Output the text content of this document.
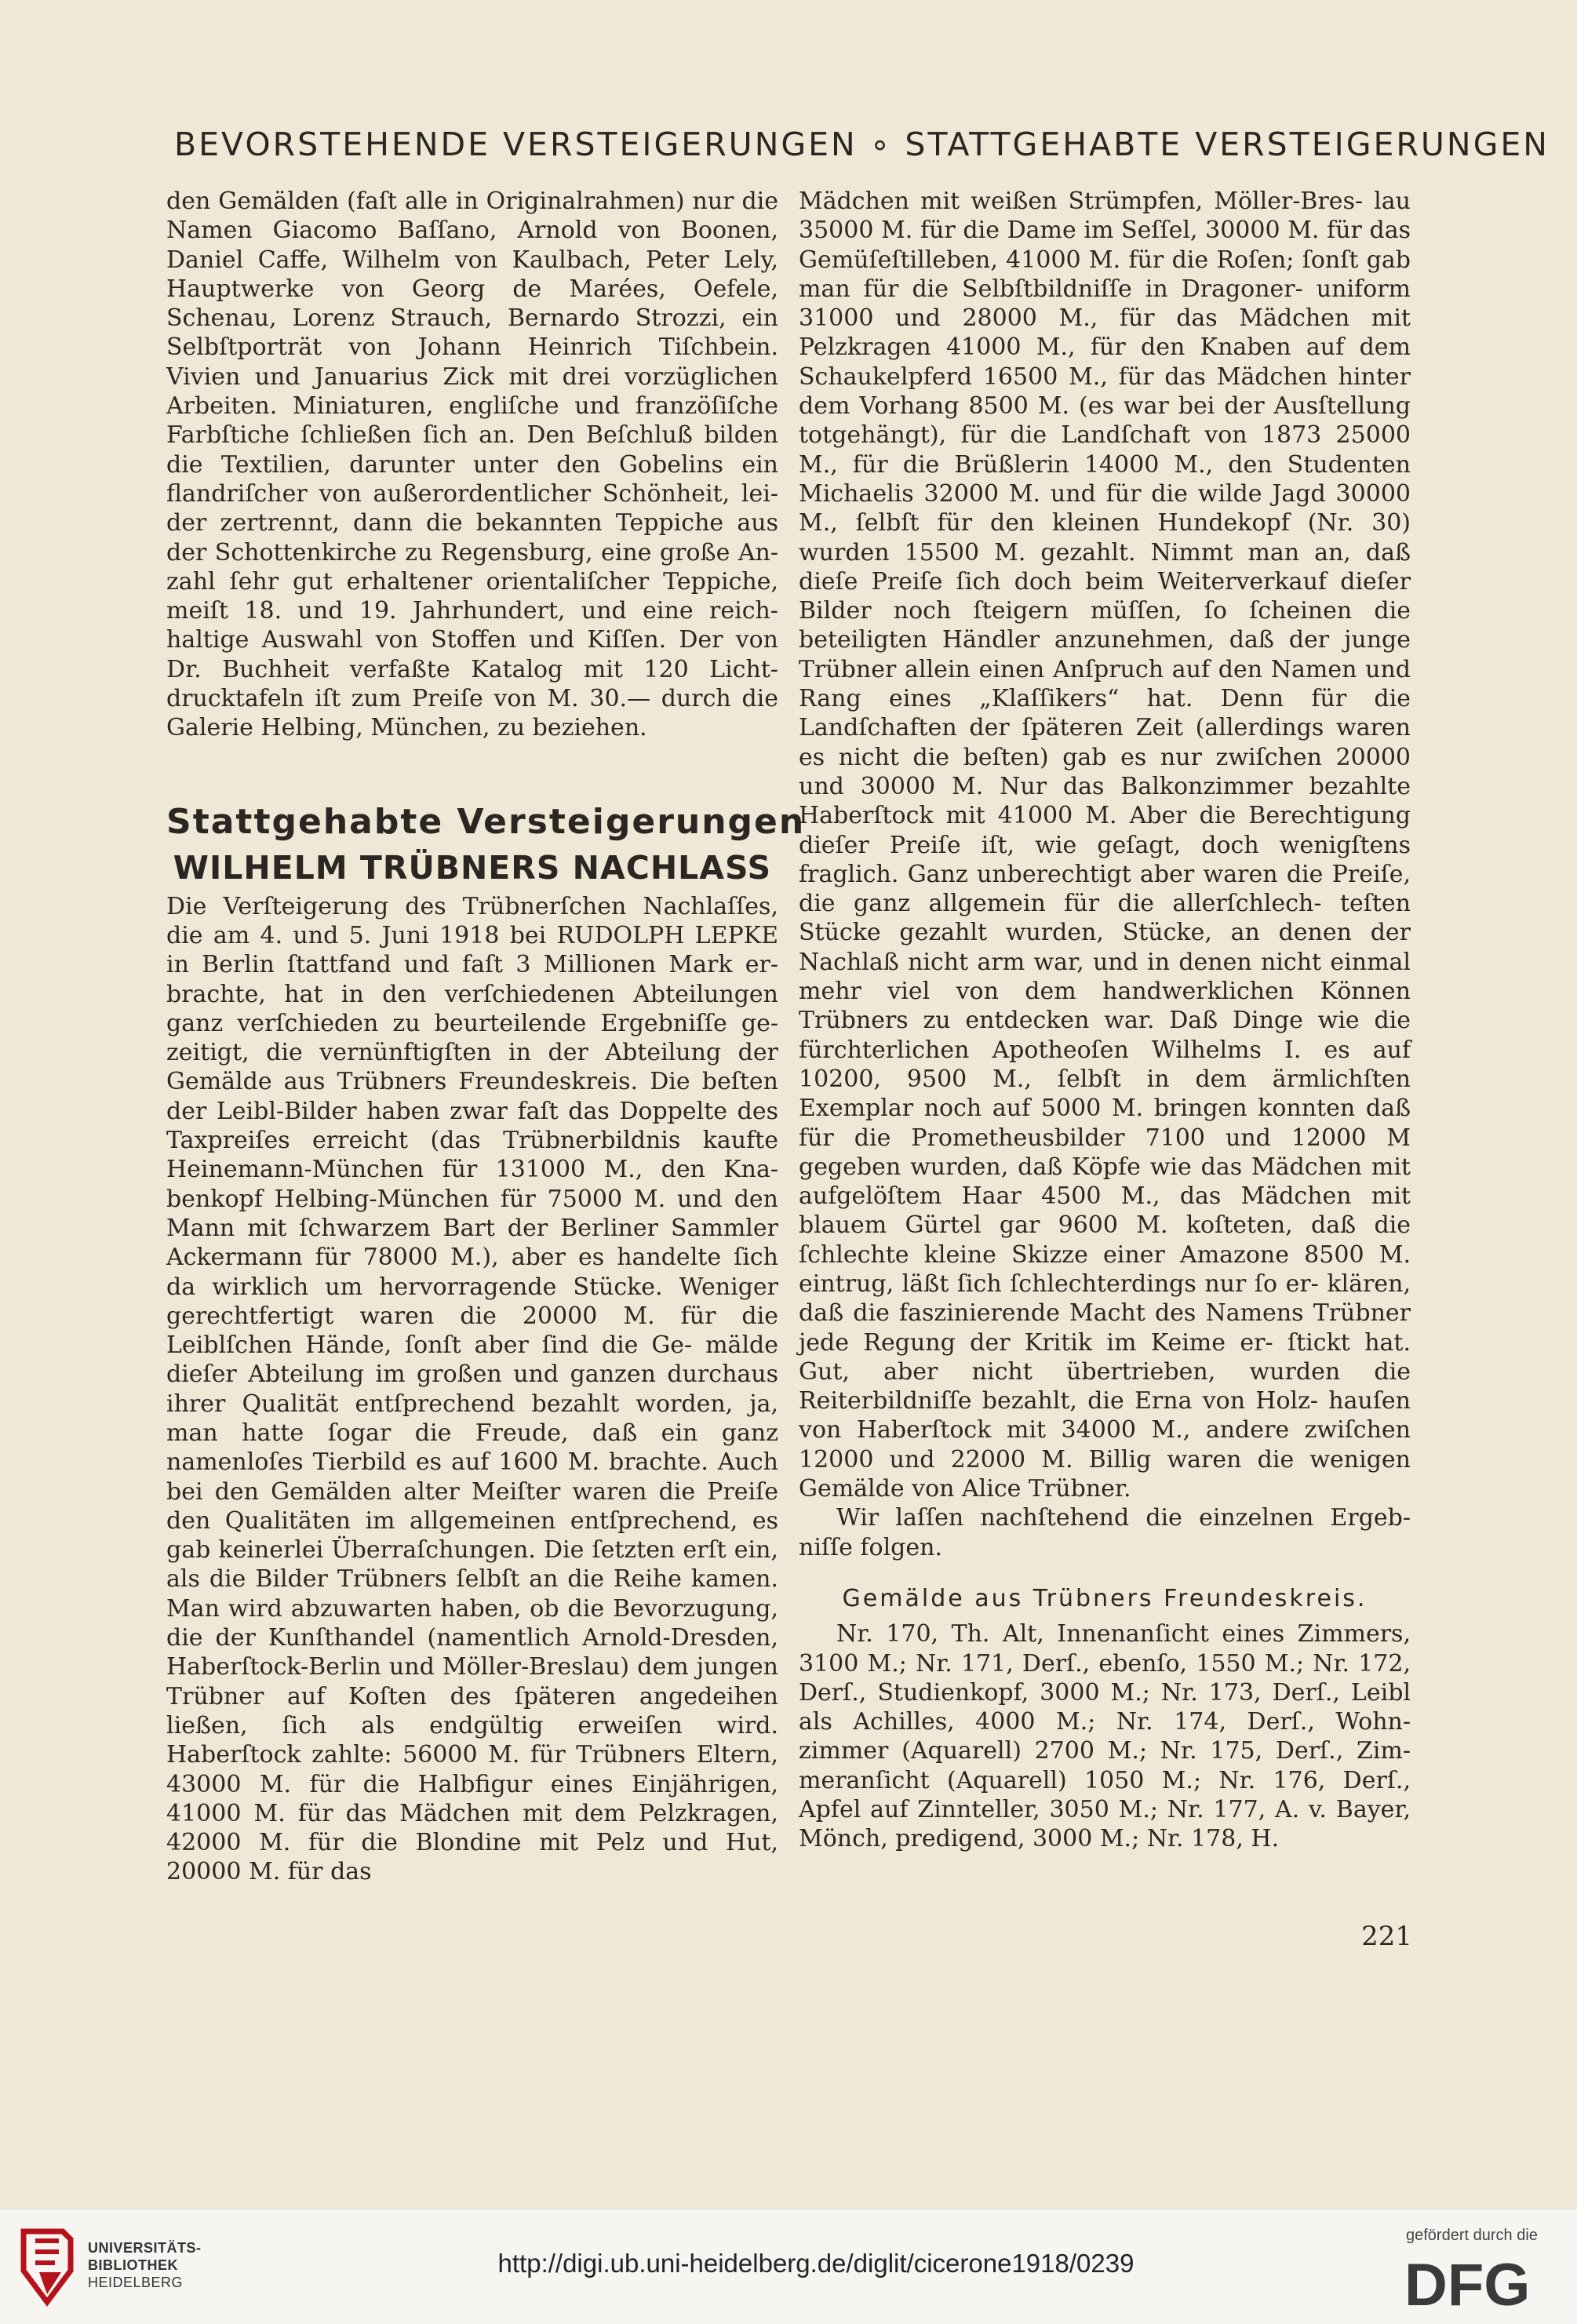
BEVORSTEHENDE VERSTEIGERUNGEN ∘ STATTGEHABTE VERSTEIGERUNGEN

den Gemälden (faſt alle in Originalrahmen) nur die Namen Giacomo Baſſano, Arnold von Boonen, Daniel Caffe, Wilhelm von Kaulbach, Peter Lely, Hauptwerke von Georg de Marées, Oefele, Schenau, Lorenz Strauch, Bernardo Strozzi, ein Selbſtporträt von Johann Heinrich Tiſchbein. Vivien und Januarius Zick mit drei vorzüglichen Arbeiten. Miniaturen, engliſche und franzöſiſche Farbſtiche ſchließen ſich an. Den Beſchluß bilden die Textilien, darunter unter den Gobelins ein flandriſcher von außerordentlicher Schönheit, lei- der zertrennt, dann die bekannten Teppiche aus der Schottenkirche zu Regensburg, eine große An- zahl ſehr gut erhaltener orientaliſcher Teppiche, meiſt 18. und 19. Jahrhundert, und eine reich- haltige Auswahl von Stoffen und Kiſſen. Der von Dr. Buchheit verfaßte Katalog mit 120 Licht- drucktafeln iſt zum Preiſe von M. 30.— durch die Galerie Helbing, München, zu beziehen.

Stattgehabte Versteigerungen
WILHELM TRÜBNERS NACHLASS

Die Verſteigerung des Trübnerſchen Nachlaſſes, die am 4. und 5. Juni 1918 bei RUDOLPH LEPKE in Berlin ſtattfand und faſt 3 Millionen Mark er- brachte, hat in den verſchiedenen Abteilungen ganz verſchieden zu beurteilende Ergebniſſe ge- zeitigt, die vernünftigſten in der Abteilung der Gemälde aus Trübners Freundeskreis. Die beſten der Leibl-Bilder haben zwar faſt das Doppelte des Taxpreiſes erreicht (das Trübnerbildnis kaufte Heinemann-München für 131000 M., den Kna- benkopf Helbing-München für 75000 M. und den Mann mit ſchwarzem Bart der Berliner Sammler Ackermann für 78000 M.), aber es handelte ſich da wirklich um hervorragende Stücke. Weniger gerechtfertigt waren die 20000 M. für die Leiblſchen Hände, ſonſt aber ſind die Ge- mälde dieſer Abteilung im großen und ganzen durchaus ihrer Qualität entſprechend bezahlt worden, ja, man hatte ſogar die Freude, daß ein ganz namenloſes Tierbild es auf 1600 M. brachte. Auch bei den Gemälden alter Meiſter waren die Preiſe den Qualitäten im allgemeinen entſprechend, es gab keinerlei Überraſchungen. Die ſetzten erſt ein, als die Bilder Trübners ſelbſt an die Reihe kamen. Man wird abzuwarten haben, ob die Bevorzugung, die der Kunſthandel (namentlich Arnold-Dresden, Haberſtock-Berlin und Möller-Breslau) dem jungen Trübner auf Koſten des ſpäteren angedeihen ließen, ſich als endgültig erweiſen wird. Haberſtock zahlte: 56000 M. für Trübners Eltern, 43000 M. für die Halbfigur eines Einjährigen, 41000 M. für das Mädchen mit dem Pelzkragen, 42000 M. für die Blondine mit Pelz und Hut, 20000 M. für das

Mädchen mit weißen Strümpfen, Möller-Bres- lau 35000 M. für die Dame im Seſſel, 30000 M. für das Gemüſeſtilleben, 41000 M. für die Roſen; ſonſt gab man für die Selbſtbildniſſe in Dragoner- uniform 31000 und 28000 M., für das Mädchen mit Pelzkragen 41000 M., für den Knaben auf dem Schaukelpferd 16500 M., für das Mädchen hinter dem Vorhang 8500 M. (es war bei der Ausſtellung totgehängt), für die Landſchaft von 1873 25000 M., für die Brüßlerin 14000 M., den Studenten Michaelis 32000 M. und für die wilde Jagd 30000 M., ſelbſt für den kleinen Hundekopf (Nr. 30) wurden 15500 M. gezahlt. Nimmt man an, daß dieſe Preiſe ſich doch beim Weiterverkauf dieſer Bilder noch ſteigern müſſen, ſo ſcheinen die beteiligten Händler anzunehmen, daß der junge Trübner allein einen Anſpruch auf den Namen und Rang eines „Klaſſikers“ hat. Denn für die Landſchaften der ſpäteren Zeit (allerdings waren es nicht die beſten) gab es nur zwiſchen 20000 und 30000 M. Nur das Balkonzimmer bezahlte Haberſtock mit 41000 M. Aber die Berechtigung dieſer Preiſe iſt, wie geſagt, doch wenigſtens fraglich. Ganz unberechtigt aber waren die Preiſe, die ganz allgemein für die allerſchlech- teſten Stücke gezahlt wurden, Stücke, an denen der Nachlaß nicht arm war, und in denen nicht einmal mehr viel von dem handwerklichen Können Trübners zu entdecken war. Daß Dinge wie die fürchterlichen Apotheoſen Wilhelms I. es auf 10200, 9500 M., ſelbſt in dem ärmlichſten Exemplar noch auf 5000 M. bringen konnten daß für die Prometheusbilder 7100 und 12000 M gegeben wurden, daß Köpfe wie das Mädchen mit aufgelöſtem Haar 4500 M., das Mädchen mit blauem Gürtel gar 9600 M. koſteten, daß die ſchlechte kleine Skizze einer Amazone 8500 M. eintrug, läßt ſich ſchlechterdings nur ſo er- klären, daß die faszinierende Macht des Namens Trübner jede Regung der Kritik im Keime er- ſtickt hat. Gut, aber nicht übertrieben, wurden die Reiterbildniſſe bezahlt, die Erna von Holz- hauſen von Haberſtock mit 34000 M., andere zwiſchen 12000 und 22000 M. Billig waren die wenigen Gemälde von Alice Trübner.

Wir laſſen nachſtehend die einzelnen Ergeb- niſſe folgen.

Gemälde aus Trübners Freundeskreis.

Nr. 170, Th. Alt, Innenanſicht eines Zimmers, 3100 M.; Nr. 171, Derſ., ebenſo, 1550 M.; Nr. 172, Derſ., Studienkopf, 3000 M.; Nr. 173, Derſ., Leibl als Achilles, 4000 M.; Nr. 174, Derſ., Wohn- zimmer (Aquarell) 2700 M.; Nr. 175, Derſ., Zim- meranſicht (Aquarell) 1050 M.; Nr. 176, Derſ., Apfel auf Zinnteller, 3050 M.; Nr. 177, A. v. Bayer, Mönch, predigend, 3000 M.; Nr. 178, H.

221
UNIVERSITÄTS-
BIBLIOTHEK
HEIDELBERG
http://digi.ub.uni-heidelberg.de/diglit/cicerone1918/0239
gefördert durch die
DFG
